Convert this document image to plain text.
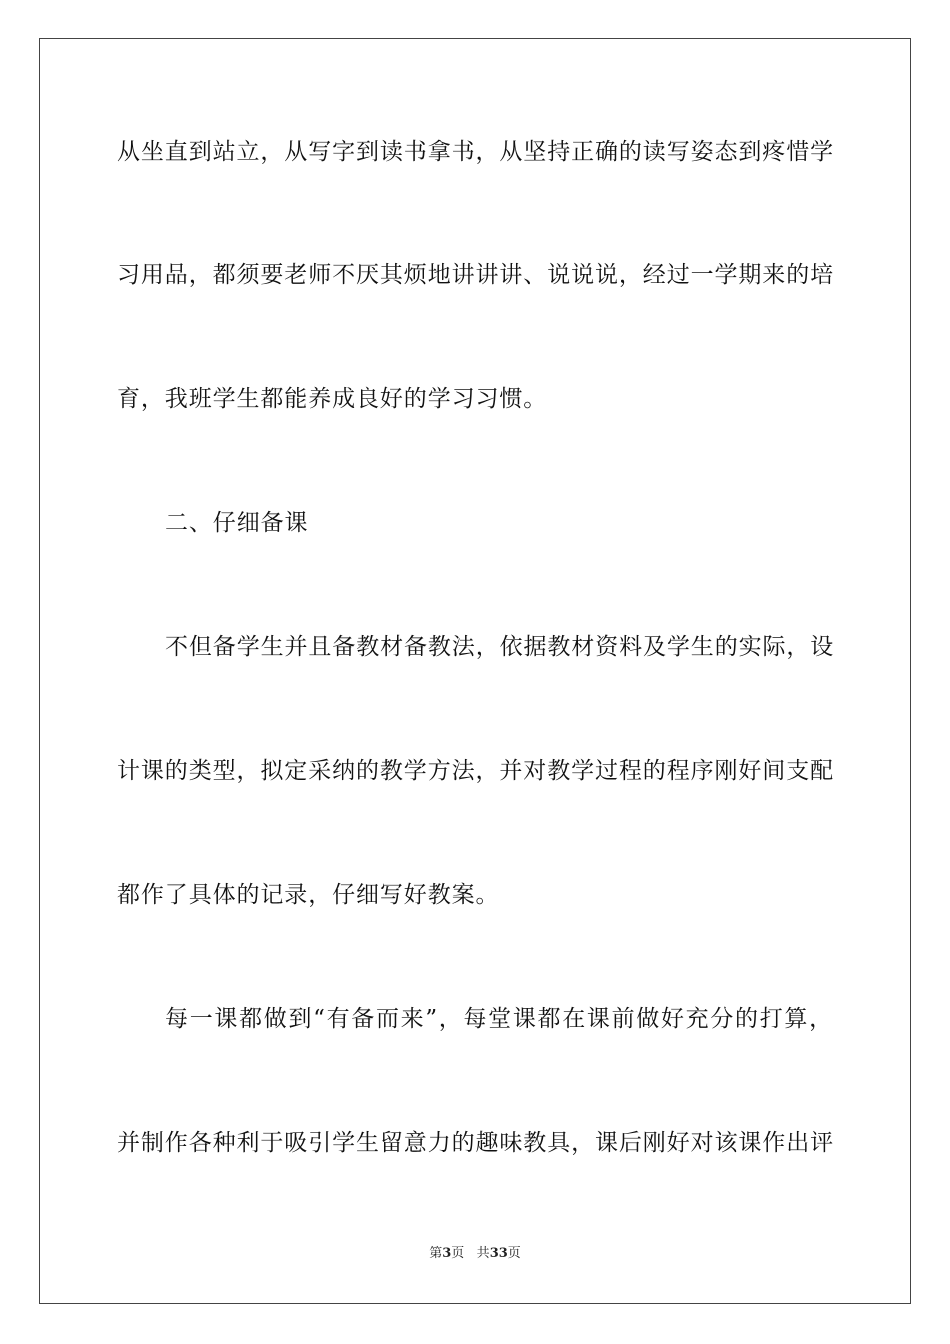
从坐直到站立，从写字到读书拿书，从坚持正确的读写姿态到疼惜学
习用品，都须要老师不厌其烦地讲讲讲、说说说，经过一学期来的培
育，我班学生都能养成良好的学习习惯。
二、仔细备课
不但备学生并且备教材备教法，依据教材资料及学生的实际，设
计课的类型，拟定采纳的教学方法，并对教学过程的程序刚好间支配
都作了具体的记录，仔细写好教案。
每一课都做到“有备而来”，每堂课都在课前做好充分的打算，
并制作各种利于吸引学生留意力的趣味教具，课后刚好对该课作出评
第3页 共33页
